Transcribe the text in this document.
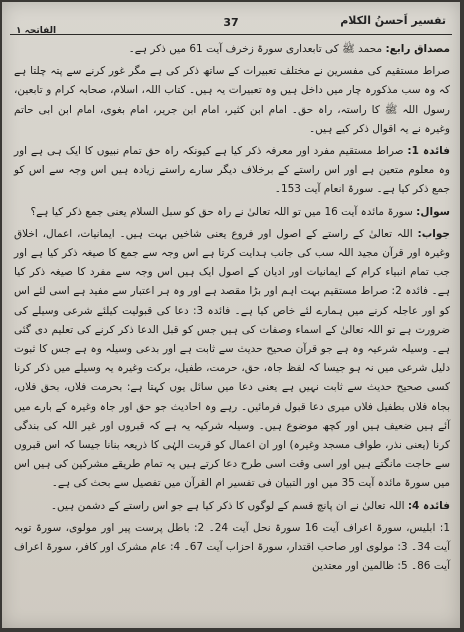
تفسیر اَحسنُ الکلام
37
الفاتحہ ۱

مصداق رابع: محمد ﷺ کی تابعداری سورۃ زخرف آیت 61 میں ذکر ہے۔

صراط مستقیم کی مفسرین نے مختلف تعبیرات کے ساتھ ذکر کی ہے مگر غور کرنے سے پتہ چلتا ہے کہ وہ سب مذکورہ چار میں داخل ہیں وہ تعبیرات یہ ہیں۔ کتاب اللہ، اسلام، صحابہ کرام و تابعین، رسول اللہ ﷺ کا راستہ، راہ حق۔ امام ابن کثیر، امام ابن جریر، امام بغوی، امام ابن ابی حاتم وغیرہ نے یہ اقوال ذکر کیے ہیں۔

فائدہ 1: صراط مستقیم مفرد اور معرفہ ذکر کیا ہے کیونکہ راہ حق تمام نبیوں کا ایک ہی ہے اور وہ معلوم متعین ہے اور اس راستے کے برخلاف دیگر سارے راستے زیادہ ہیں اس وجہ سے اس کو جمع ذکر کیا ہے۔ سورۃ انعام آیت 153۔

سوال: سورۃ مائدہ آیت 16 میں تو اللہ تعالیٰ نے راہ حق کو سبل السلام یعنی جمع ذکر کیا ہے؟

جواب: اللہ تعالیٰ کے راستے کے اصول اور فروع یعنی شاخیں بہت ہیں۔ ایمانیات، اعمال، اخلاق وغیرہ اور قرآن مجید اللہ سب کی جانب ہدایت کرتا ہے اس وجہ سے جمع کا صیغہ ذکر کیا ہے اور جب تمام انبیاء کرام کے ایمانیات اور ادیان کے اصول ایک ہیں اس وجہ سے مفرد کا صیغہ ذکر کیا ہے۔ فائدہ 2: صراط مستقیم بہت اہم اور بڑا مقصد ہے اور وہ ہر اعتبار سے مفید ہے اسی لئے اس کو اور عاجلہ کرنے میں ہمارے لئے خاص کیا ہے۔ فائدہ 3: دعا کی قبولیت کیلئے شرعی وسیلے کی ضرورت ہے تو اللہ تعالیٰ کے اسماء وصفات کی ہیں جس کو قبل الدعا ذکر کرنے کی تعلیم دی گئی ہے۔ وسیلہ شرعیہ وہ ہے جو قرآن صحیح حدیث سے ثابت ہے اور بدعی وسیلہ وہ ہے جس کا ثبوت دلیل شرعی میں نہ ہو جیسا کہ لفظ جاہ، حق، حرمت، طفیل، برکت وغیرہ یہ وسیلے میں ذکر کرنا کسی صحیح حدیث سے ثابت نہیں ہے یعنی دعا میں سائل یوں کہتا ہے: بحرمت فلاں، بحق فلاں، بجاہ فلاں بطفیل فلاں میری دعا قبول فرمائیں۔ رہے وہ احادیث جو حق اور جاہ وغیرہ کے بارے میں آئے ہیں ضعیف ہیں اور کچھ موضوع ہیں۔ وسیلہ شرکیہ یہ ہے کہ قبروں اور غیر اللہ کی بندگی کرنا (یعنی نذر، طواف مسجد وغیرہ) اور ان اعمال کو قربت الہٰی کا ذریعہ بنانا جیسا کہ اس قبروں سے حاجت مانگتے ہیں اور اسی وقت اسی طرح دعا کرتے ہیں یہ تمام طریقے مشرکین کی ہیں اس میں سورۃ مائدہ آیت 35 میں اور التبیان فی تفسیر ام القرآن میں تفصیل سے بحث کی ہے۔

فائدہ 4: اللہ تعالیٰ نے ان پانچ قسم کے لوگوں کا ذکر کیا ہے جو اس راستے کے دشمن ہیں۔

1: ابلیس، سورۃ اعراف آیت 16 سورۃ نحل آیت 24۔ 2: باطل پرست پیر اور مولوی، سورۃ توبہ آیت 34۔ 3: مولوی اور صاحب اقتدار، سورۃ احزاب آیت 67۔ 4: عام مشرک اور کافر، سورۃ اعراف آیت 86۔ 5: ظالمین اور معتدین
